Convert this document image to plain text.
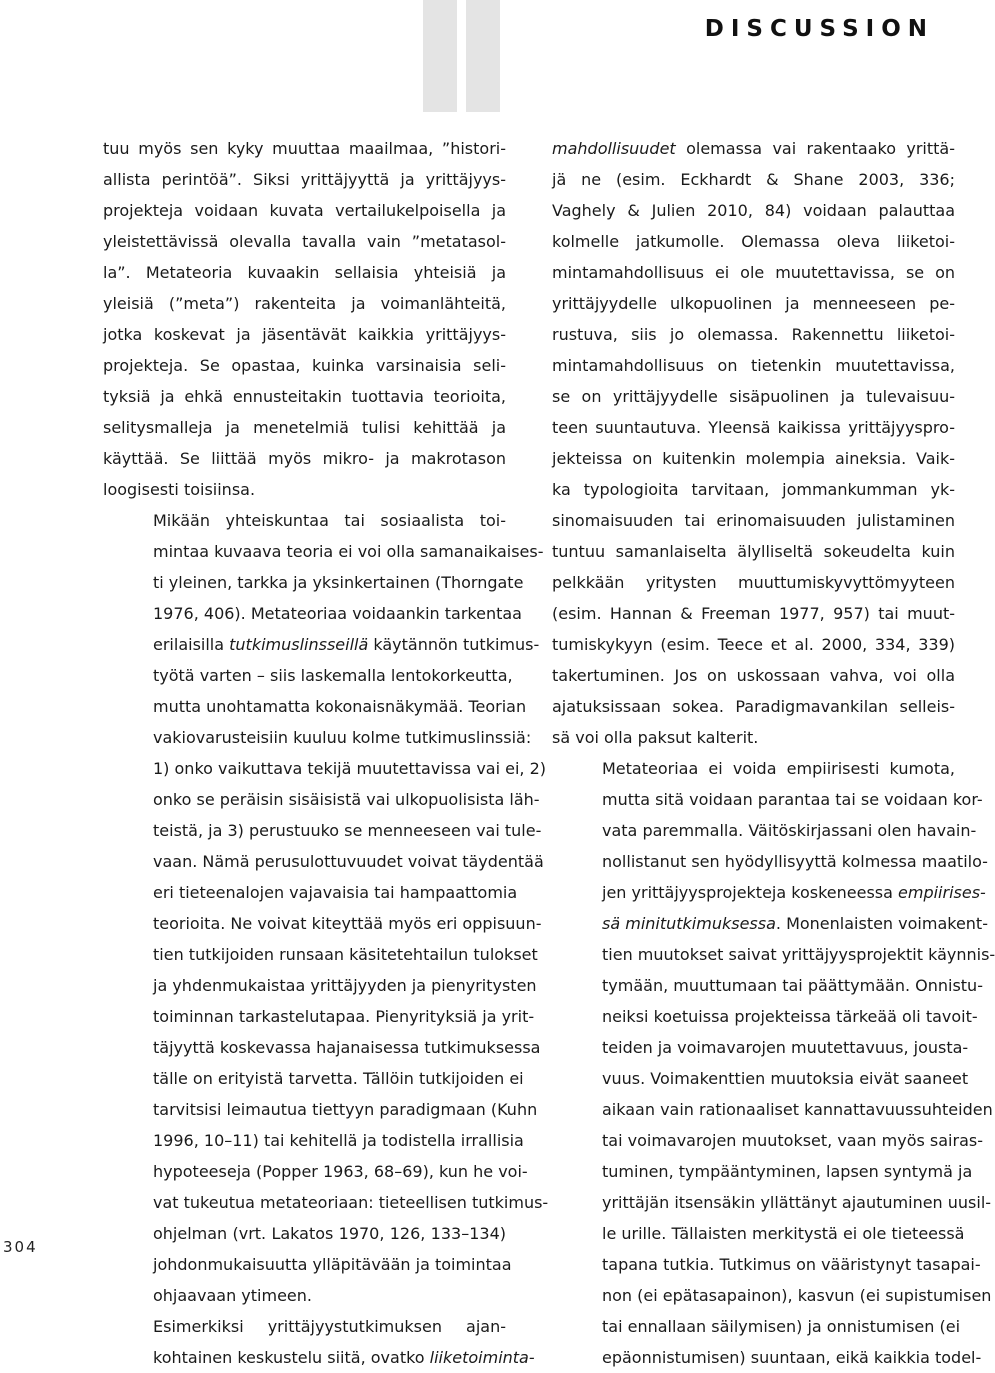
DISCUSSION
304

tuu myös sen kyky muuttaa maailmaa, ”histori-
allista perintöä”. Siksi yrittäjyyttä ja yrittäjyys-
projekteja voidaan kuvata vertailukelpoisella ja
yleistettävissä olevalla tavalla vain ”metatasol-
la”. Metateoria kuvaakin sellaisia yhteisiä ja
yleisiä (”meta”) rakenteita ja voimanlähteitä,
jotka koskevat ja jäsentävät kaikkia yrittäjyys-
projekteja. Se opastaa, kuinka varsinaisia seli-
tyksiä ja ehkä ennusteitakin tuottavia teorioita,
selitysmalleja ja menetelmiä tulisi kehittää ja
käyttää. Se liittää myös mikro- ja makrotason
loogisesti toisiinsa.

Mikään yhteiskuntaa tai sosiaalista toi-
mintaa kuvaava teoria ei voi olla samanaikaises-
ti yleinen, tarkka ja yksinkertainen (Thorngate
1976, 406). Metateoriaa voidaankin tarkentaa
erilaisilla tutkimuslinsseillä käytännön tutkimus-
työtä varten – siis laskemalla lentokorkeutta,
mutta unohtamatta kokonaisnäkymää. Teorian
vakiovarusteisiin kuuluu kolme tutkimuslinssiä:
1) onko vaikuttava tekijä muutettavissa vai ei, 2)
onko se peräisin sisäisistä vai ulkopuolisista läh-
teistä, ja 3) perustuuko se menneeseen vai tule-
vaan. Nämä perusulottuvuudet voivat täydentää
eri tieteenalojen vajavaisia tai hampaattomia
teorioita. Ne voivat kiteyttää myös eri oppisuun-
tien tutkijoiden runsaan käsitetehtailun tulokset
ja yhdenmukaistaa yrittäjyyden ja pienyritysten
toiminnan tarkastelutapaa. Pienyrityksiä ja yrit-
täjyyttä koskevassa hajanaisessa tutkimuksessa
tälle on erityistä tarvetta. Tällöin tutkijoiden ei
tarvitsisi leimautua tiettyyn paradigmaan (Kuhn
1996, 10–11) tai kehitellä ja todistella irrallisia
hypoteeseja (Popper 1963, 68–69), kun he voi-
vat tukeutua metateoriaan: tieteellisen tutkimus-
ohjelman (vrt. Lakatos 1970, 126, 133–134)
johdonmukaisuutta ylläpitävään ja toimintaa
ohjaavaan ytimeen.

Esimerkiksi yrittäjyystutkimuksen ajan-
kohtainen keskustelu siitä, ovatko liiketoiminta-

mahdollisuudet olemassa vai rakentaako yrittä-
jä ne (esim. Eckhardt & Shane 2003, 336;
Vaghely & Julien 2010, 84) voidaan palauttaa
kolmelle jatkumolle. Olemassa oleva liiketoi-
mintamahdollisuus ei ole muutettavissa, se on
yrittäjyydelle ulkopuolinen ja menneeseen pe-
rustuva, siis jo olemassa. Rakennettu liiketoi-
mintamahdollisuus on tietenkin muutettavissa,
se on yrittäjyydelle sisäpuolinen ja tulevaisuu-
teen suuntautuva. Yleensä kaikissa yrittäjyyspro-
jekteissa on kuitenkin molempia aineksia. Vaik-
ka typologioita tarvitaan, jommankumman yk-
sinomaisuuden tai erinomaisuuden julistaminen
tuntuu samanlaiselta älylliseltä sokeudelta kuin
pelkkään yritysten muuttumiskyvyttömyyteen
(esim. Hannan & Freeman 1977, 957) tai muut-
tumiskykyyn (esim. Teece et al. 2000, 334, 339)
takertuminen. Jos on uskossaan vahva, voi olla
ajatuksissaan sokea. Paradigmavankilan selleis-
sä voi olla paksut kalterit.

Metateoriaa ei voida empiirisesti kumota,
mutta sitä voidaan parantaa tai se voidaan kor-
vata paremmalla. Väitöskirjassani olen havain-
nollistanut sen hyödyllisyyttä kolmessa maatilo-
jen yrittäjyysprojekteja koskeneessa empiirises-
sä minitutkimuksessa. Monenlaisten voimakent-
tien muutokset saivat yrittäjyysprojektit käynnis-
tymään, muuttumaan tai päättymään. Onnistu-
neiksi koetuissa projekteissa tärkeää oli tavoit-
teiden ja voimavarojen muutettavuus, joustа-
vuus. Voimakenttien muutoksia eivät saaneet
aikaan vain rationaaliset kannattavuussuhteiden
tai voimavarojen muutokset, vaan myös sairas-
tuminen, tympääntyminen, lapsen syntymä ja
yrittäjän itsensäkin yllättänyt ajautuminen uusil-
le urille. Tällaisten merkitystä ei ole tieteessä
tapana tutkia. Tutkimus on vääristynyt tasapai-
non (ei epätasapainon), kasvun (ei supistumisen
tai ennallaan säilymisen) ja onnistumisen (ei
epäonnistumisen) suuntaan, eikä kaikkia todel-
